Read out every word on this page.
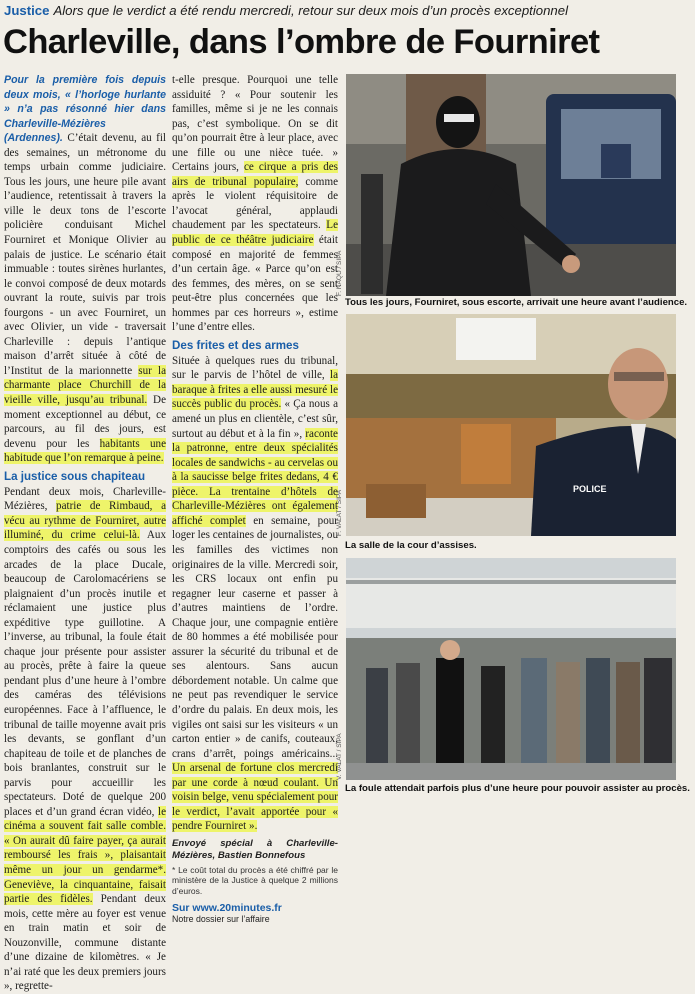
Justice Alors que le verdict a été rendu mercredi, retour sur deux mois d’un procès exceptionnel
Charleville, dans l’ombre de Fourniret

Pour la première fois depuis deux mois, « l’horloge hurlante » n’a pas résonné hier dans Charleville-Mézières (Ardennes). C’était devenu, au fil des semaines, un métronome du temps urbain comme judiciaire. Tous les jours, une heure pile avant l’audience, retentissait à travers la ville le deux tons de l’escorte policière conduisant Michel Fourniret et Monique Olivier au palais de justice. Le scénario était immuable : toutes sirènes hurlantes, le convoi composé de deux motards ouvrant la route, suivis par trois fourgons - un avec Fourniret, un avec Olivier, un vide - traversait Charleville : depuis l’antique maison d’arrêt située à côté de l’Institut de la marionnette sur la charmante place Churchill de la vieille ville, jusqu’au tribunal. De moment exceptionnel au début, ce parcours, au fil des jours, est devenu pour les habitants une habitude que l’on remarque à peine.

La justice sous chapiteau

Pendant deux mois, Charleville-Mézières, patrie de Rimbaud, a vécu au rythme de Fourniret, autre illuminé, du crime celui-là. Aux comptoirs des cafés ou sous les arcades de la place Ducale, beaucoup de Carolomacériens se plaignaient d’un procès inutile et réclamaient une justice plus expéditive type guillotine. A l’inverse, au tribunal, la foule était chaque jour présente pour assister au procès, prête à faire la queue pendant plus d’une heure à l’ombre des caméras des télévisions européennes. Face à l’affluence, le tribunal de taille moyenne avait pris les devants, se gonflant d’un chapiteau de toile et de planches de bois branlantes, construit sur le parvis pour accueillir les spectateurs. Doté de quelque 200 places et d’un grand écran vidéo, le cinéma a souvent fait salle comble. « On aurait dû faire payer, ça aurait remboursé les frais », plaisantait même un jour un gendarme*. Geneviève, la cinquantaine, faisait partie des fidèles. Pendant deux mois, cette mère au foyer est venue en train matin et soir de Nouzonville, commune distante d’une dizaine de kilomètres. « Je n’ai raté que les deux premiers jours », regrette-

t-elle presque. Pourquoi une telle assiduité ? « Pour soutenir les familles, même si je ne les connais pas, c’est symbolique. On se dit qu’on pourrait être à leur place, avec une fille ou une nièce tuée. » Certains jours, ce cirque a pris des airs de tribunal populaire, comme après le violent réquisitoire de l’avocat général, applaudi chaudement par les spectateurs. Le public de ce théâtre judiciaire était composé en majorité de femmes d’un certain âge. « Parce qu’on est des femmes, des mères, on se sent peut-être plus concernées que les hommes par ces horreurs », estime l’une d’entre elles.

Des frites et des armes

Située à quelques rues du tribunal, sur le parvis de l’hôtel de ville, la baraque à frites a elle aussi mesuré le succès public du procès. « Ça nous a amené un plus en clientèle, c’est sûr, surtout au début et à la fin », raconte la patronne, entre deux spécialités locales de sandwichs - au cervelas ou à la saucisse belge frites dedans, 4 € pièce. La trentaine d’hôtels de Charleville-Mézières ont également affiché complet en semaine, pour loger les centaines de journalistes, ou les familles des victimes non originaires de la ville. Mercredi soir, les CRS locaux ont enfin pu regagner leur caserne et passer à d’autres maintiens de l’ordre. Chaque jour, une compagnie entière de 80 hommes a été mobilisée pour assurer la sécurité du tribunal et de ses alentours. Sans aucun débordement notable. Un calme que ne peut pas revendiquer le service d’ordre du palais. En deux mois, les vigiles ont saisi sur les visiteurs « un carton entier » de canifs, couteaux, crans d’arrêt, poings américains... Un arsenal de fortune clos mercredi par une corde à nœud coulant. Un voisin belge, venu spécialement pour le verdict, l’avait apportée pour « pendre Fourniret ».

Envoyé spécial à Charleville-Mézières, Bastien Bonnefous
* Le coût total du procès a été chiffré par le ministère de la Justice à quelque 2 millions d’euros.
Sur www.20minutes.fr
Notre dossier sur l’affaire
F. NAQU / SIPA
Tous les jours, Fourniret, sous escorte, arrivait une heure avant l’audience.
POLICE
F. VALAT / SIPA
La salle de la cour d’assises.
V. VALAT / SIPA
La foule attendait parfois plus d’une heure pour pouvoir assister au procès.
